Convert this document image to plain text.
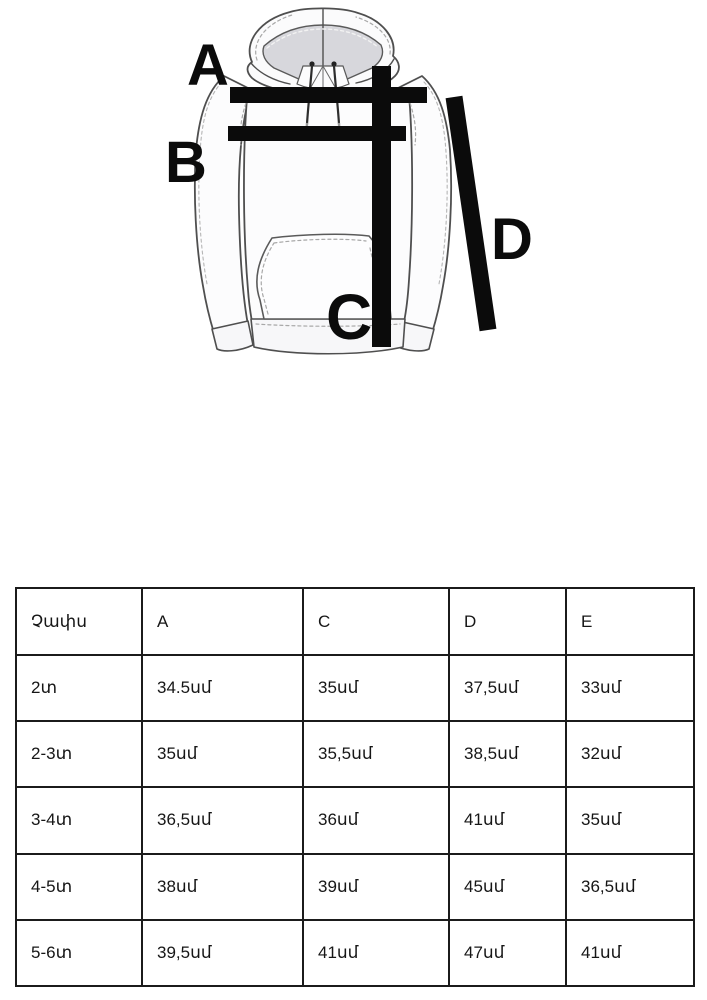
A
B
C
D
Չափս	A	C	D	E
2տ	34.5սմ	35սմ	37,5սմ	33սմ
2-3տ	35սմ	35,5սմ	38,5սմ	32սմ
3-4տ	36,5սմ	36սմ	41սմ	35սմ
4-5տ	38սմ	39սմ	45սմ	36,5սմ
5-6տ	39,5սմ	41սմ	47սմ	41սմ
